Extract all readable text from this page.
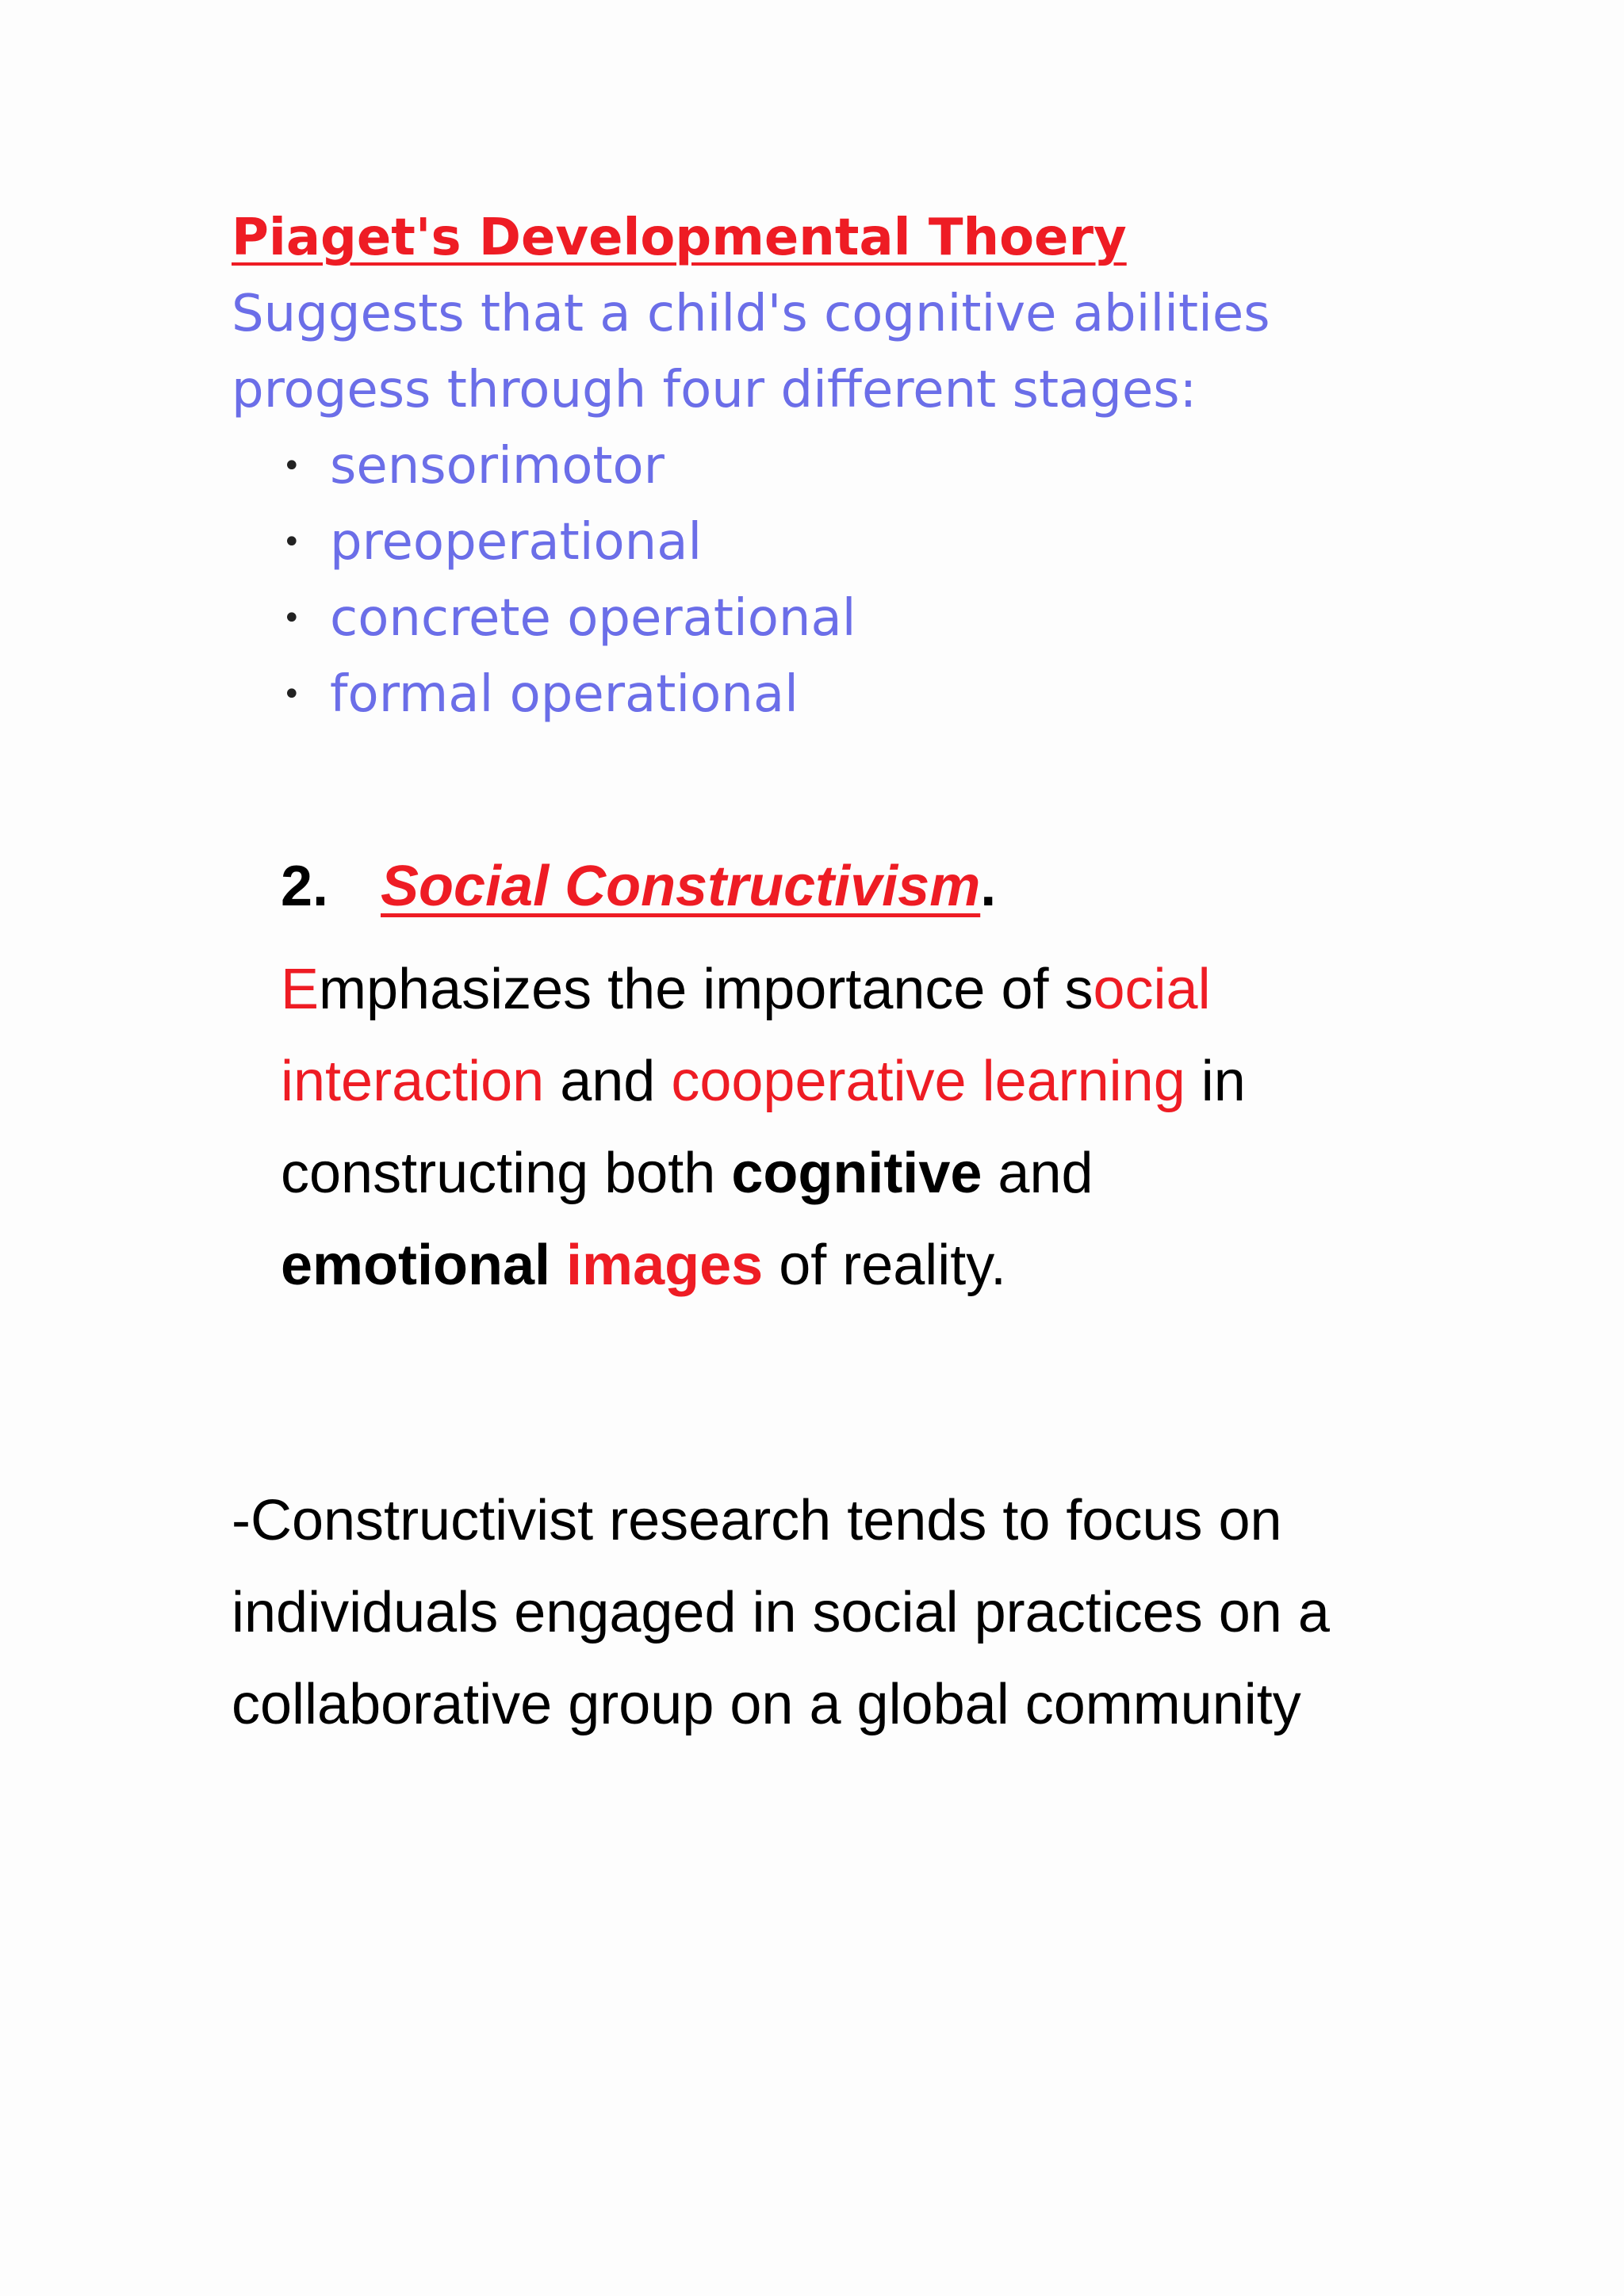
Piaget's Developmental Thoery

Suggests that a child's cognitive abilities progess through four different stages:

• sensorimotor
• preoperational
• concrete operational
• formal operational
2. Social Constructivism.

Emphasizes the importance of social interaction and cooperative learning in constructing both cognitive and emotional images of reality.

-Constructivist research tends to focus on individuals engaged in social practices on a collaborative group on a global community
